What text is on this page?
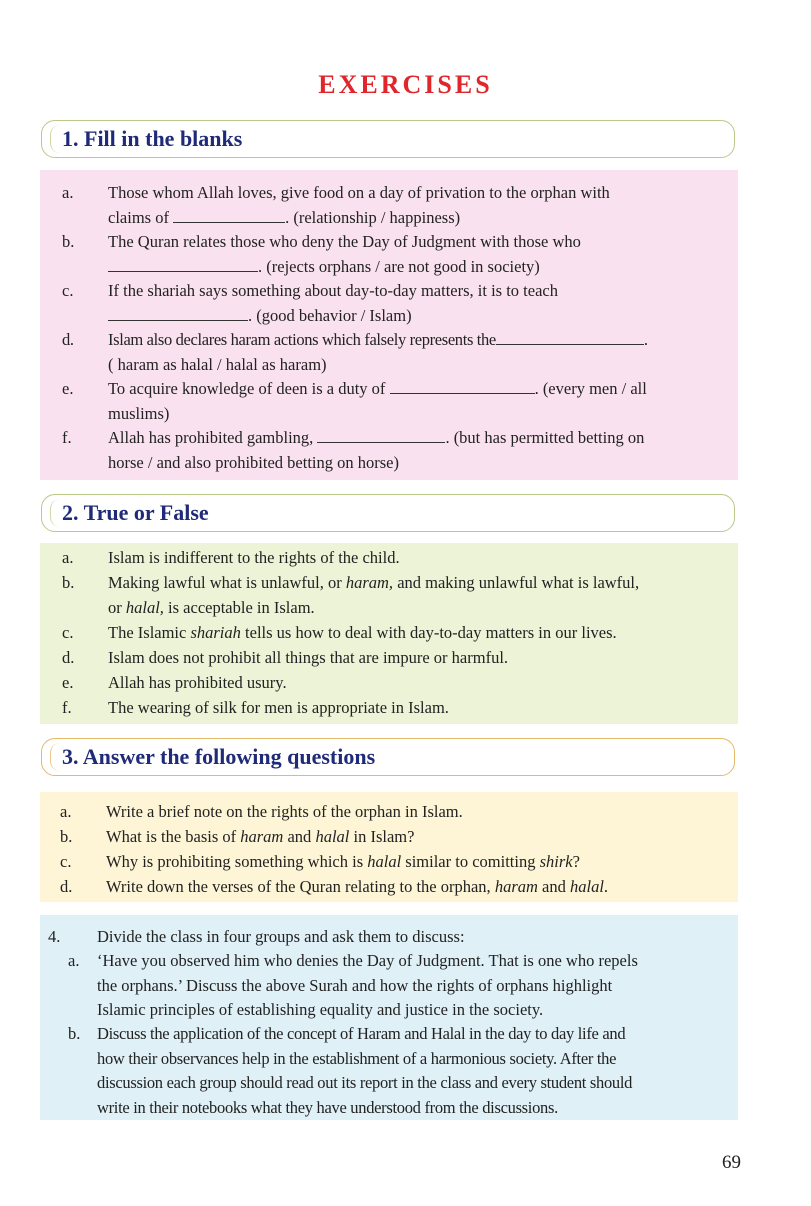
EXERCISES
1. Fill in the blanks
a. Those whom Allah loves, give food on a day of privation to the orphan with
claims of	. (relationship / happiness)
b. The Quran relates those who deny the Day of Judgment with those who
. (rejects orphans / are not good in society)
c. If the shariah says something about day-to-day matters, it is to teach
. (good behavior / Islam)
d. Islam also declares haram actions which falsely represents the	.
( haram as halal / halal as haram)
e. To acquire knowledge of deen is a duty of	. (every men / all
muslims)
f. Allah has prohibited gambling,	. (but has permitted betting on
horse / and also prohibited betting on horse)
2. True or False
a. Islam is indifferent to the rights of the child.
b. Making lawful what is unlawful, or haram, and making unlawful what is lawful,
or halal, is acceptable in Islam.
c. The Islamic shariah tells us how to deal with day-to-day matters in our lives.
d. Islam does not prohibit all things that are impure or harmful.
e. Allah has prohibited usury.
f. The wearing of silk for men is appropriate in Islam.
3. Answer the following questions
a. Write a brief note on the rights of the orphan in Islam.
b. What is the basis of haram and halal in Islam?
c. Why is prohibiting something which is halal similar to comitting shirk?
d. Write down the verses of the Quran relating to the orphan, haram and halal.
4. Divide the class in four groups and ask them to discuss:
a. ‘Have you observed him who denies the Day of Judgment. That is one who repels
the orphans.’ Discuss the above Surah and how the rights of orphans highlight
Islamic principles of establishing equality and justice in the society.
b. Discuss the application of the concept of Haram and Halal in the day to day life and
how their observances help in the establishment of a harmonious society. After the
discussion each group should read out its report in the class and every student should
write in their notebooks what they have understood from the discussions.
69
